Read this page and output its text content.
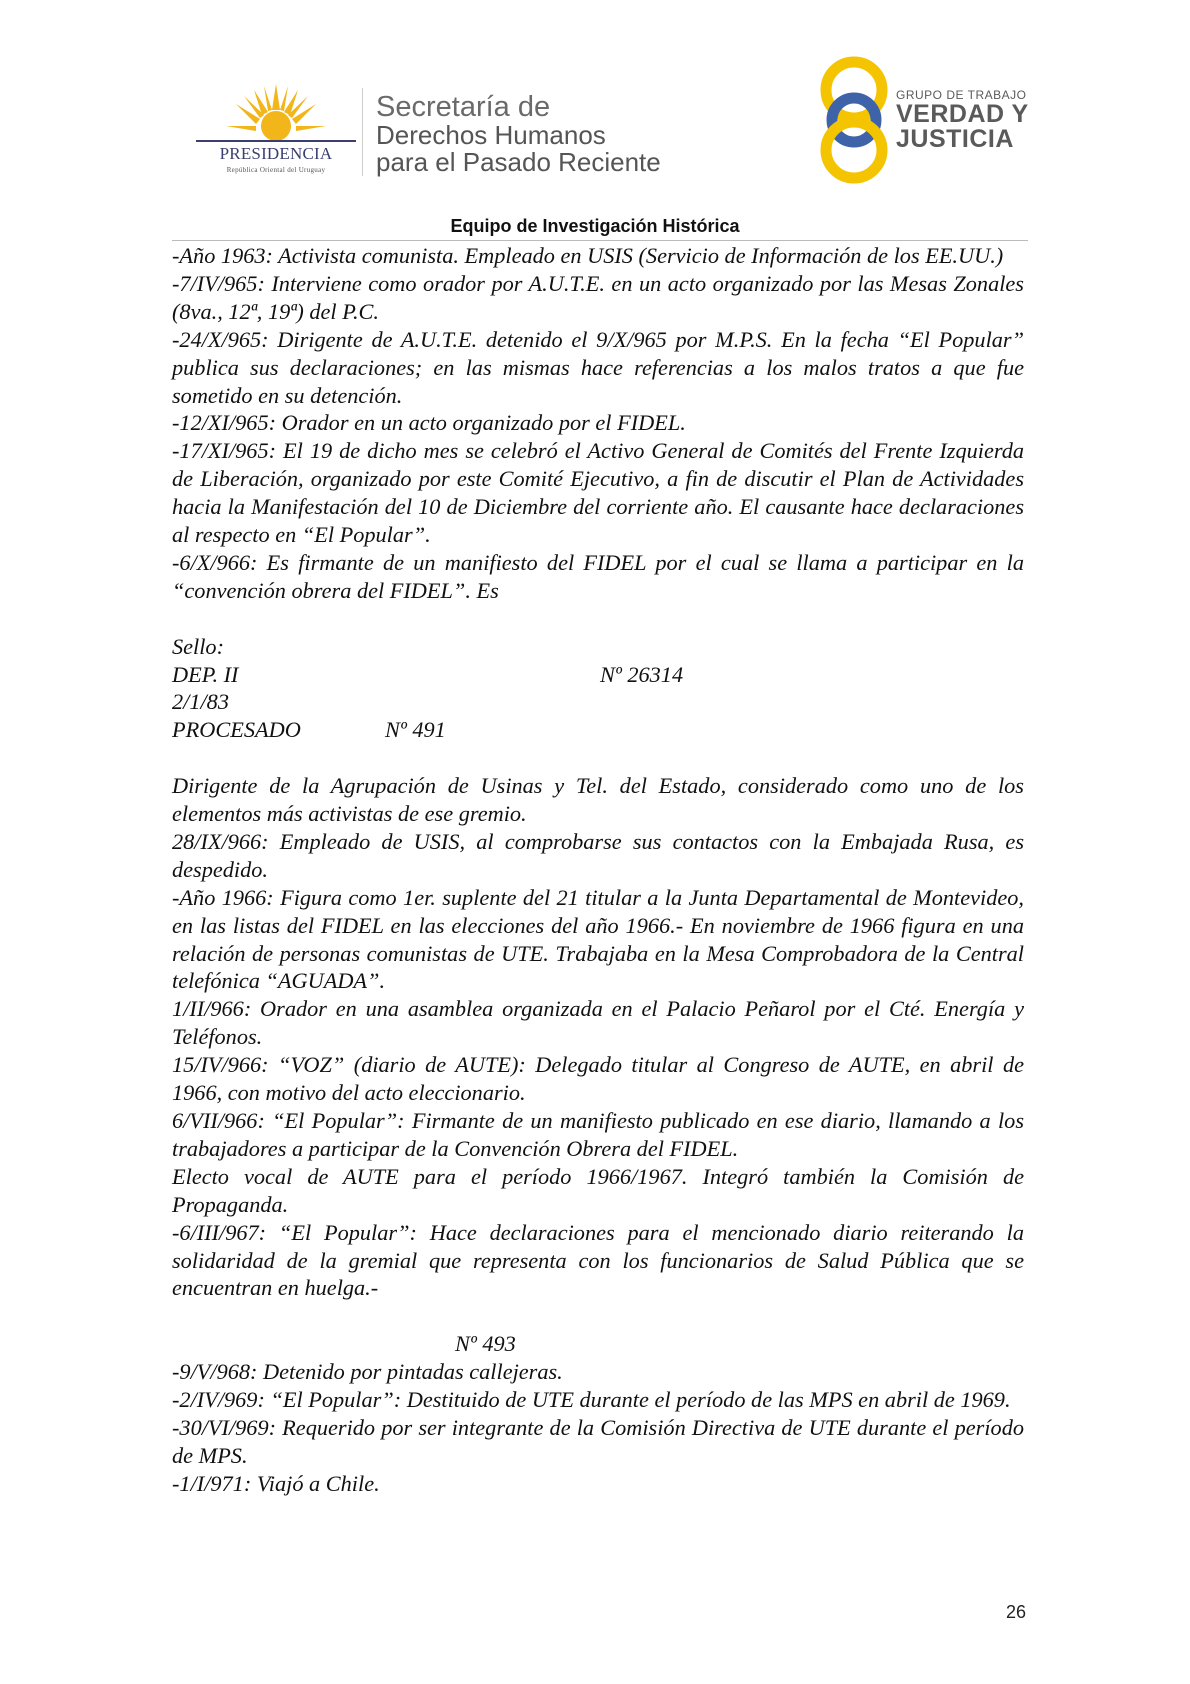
PRESIDENCIA
República Oriental del Uruguay
Secretaría de
Derechos Humanos
para el Pasado Reciente
GRUPO DE TRABAJO
VERDAD Y
JUSTICIA
Equipo de Investigación Histórica

-Año 1963: Activista comunista. Empleado en USIS (Servicio de Información de los EE.UU.)

-7/IV/965: Interviene como orador por A.U.T.E. en un acto organizado por las Mesas Zonales (8va., 12ª, 19ª) del P.C.

-24/X/965: Dirigente de A.U.T.E. detenido el 9/X/965 por M.P.S. En la fecha “El Popular” publica sus declaraciones; en las mismas hace referencias a los malos tratos a que fue sometido en su detención.

-12/XI/965: Orador en un acto organizado por el FIDEL.

-17/XI/965: El 19 de dicho mes se celebró el Activo General de Comités del Frente Izquierda de Liberación, organizado por este Comité Ejecutivo, a fin de discutir el Plan de Actividades hacia la Manifestación del 10 de Diciembre del corriente año. El causante hace declaraciones al respecto en “El Popular”.

-6/X/966: Es firmante de un manifiesto del FIDEL por el cual se llama a participar en la “convención obrera del FIDEL”. Es

Sello:
DEP. II	Nº 26314
2/1/83
PROCESADO	Nº 491

Dirigente de la Agrupación de Usinas y Tel. del Estado, considerado como uno de los elementos más activistas de ese gremio.

28/IX/966: Empleado de USIS, al comprobarse sus contactos con la Embajada Rusa, es despedido.

-Año 1966: Figura como 1er. suplente del 21 titular a la Junta Departamental de Montevideo, en las listas del FIDEL en las elecciones del año 1966.- En noviembre de 1966 figura en una relación de personas comunistas de UTE. Trabajaba en la Mesa Comprobadora de la Central telefónica “AGUADA”.

1/II/966: Orador en una asamblea organizada en el Palacio Peñarol por el Cté. Energía y Teléfonos.

15/IV/966: “VOZ” (diario de AUTE): Delegado titular al Congreso de AUTE, en abril de 1966, con motivo del acto eleccionario.

6/VII/966: “El Popular”: Firmante de un manifiesto publicado en ese diario, llamando a los trabajadores a participar de la Convención Obrera del FIDEL.

Electo vocal de AUTE para el período 1966/1967. Integró también la Comisión de Propaganda.

-6/III/967: “El Popular”: Hace declaraciones para el mencionado diario reiterando la solidaridad de la gremial que representa con los funcionarios de Salud Pública que se encuentran en huelga.-

Nº 493

-9/V/968: Detenido por pintadas callejeras.

-2/IV/969: “El Popular”: Destituido de UTE durante el período de las MPS en abril de 1969.

-30/VI/969: Requerido por ser integrante de la Comisión Directiva de UTE durante el período de MPS.

-1/I/971: Viajó a Chile.

26
